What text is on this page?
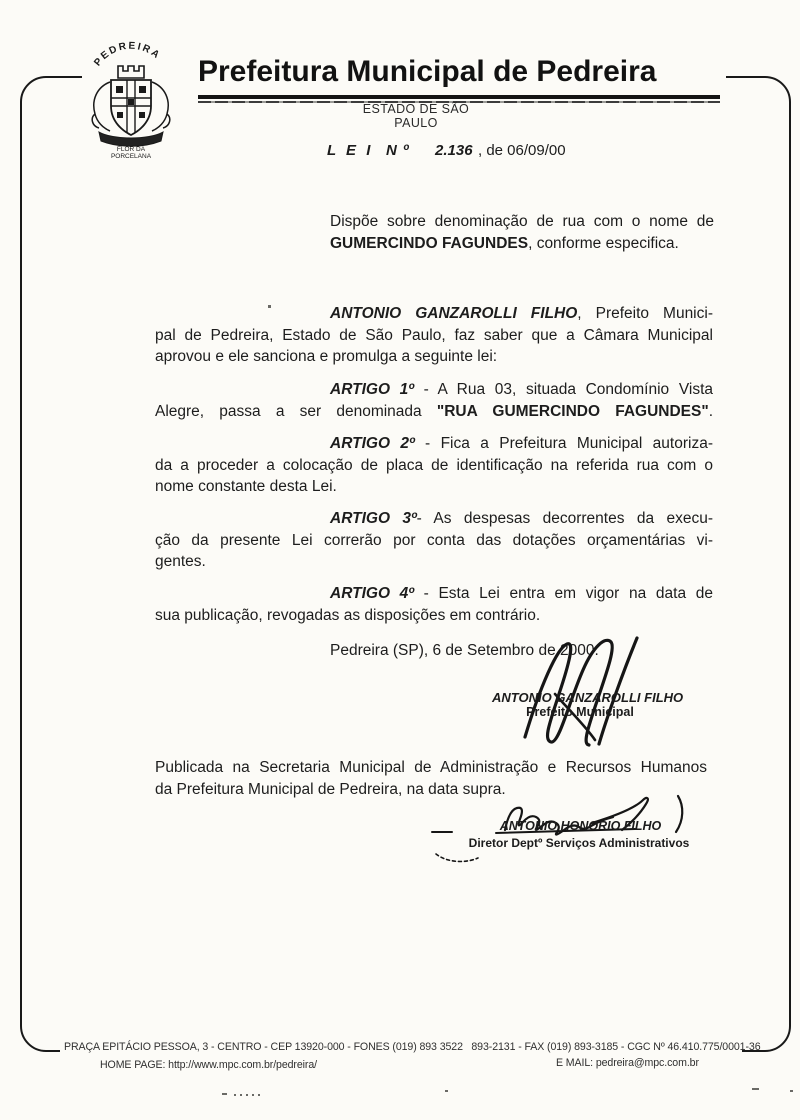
PEDREIRA
FLOR DA
PORCELANA
Prefeitura Municipal de Pedreira
ESTADO DE SÃO PAULO
L E I N º 2.136 , de 06/09/00
Dispõe sobre denominação de rua com o nome de
GUMERCINDO FAGUNDES, conforme especifica.
ANTONIO GANZAROLLI FILHO, Prefeito Munici-
pal de Pedreira, Estado de São Paulo, faz saber que a Câmara Municipal
aprovou e ele sanciona e promulga a seguinte lei:
ARTIGO 1º - A Rua 03, situada Condomínio Vista
Alegre, passa a ser denominada "RUA GUMERCINDO FAGUNDES".
ARTIGO 2º - Fica a Prefeitura Municipal autoriza-
da a proceder a colocação de placa de identificação na referida rua com o
nome constante desta Lei.
ARTIGO 3º- As despesas decorrentes da execu-
ção da presente Lei correrão por conta das dotações orçamentárias vi-
gentes.
ARTIGO 4º - Esta Lei entra em vigor na data de
sua publicação, revogadas as disposições em contrário.
Pedreira (SP), 6 de Setembro de 2000.
ANTONIO GANZAROLLI FILHO
Prefeito Municipal
Publicada na Secretaria Municipal de Administração e Recursos Humanos
da Prefeitura Municipal de Pedreira, na data supra.
ANTONIO HONORIO FILHO
Diretor Deptº Serviços Administrativos
PRAÇA EPITÁCIO PESSOA, 3 - CENTRO - CEP 13920-000 - FONES (019) 893 3522   893-2131 - FAX (019) 893-3185 - CGC Nº 46.410.775/0001-36
HOME PAGE: http://www.mpc.com.br/pedreira/	E MAIL: pedreira@mpc.com.br
